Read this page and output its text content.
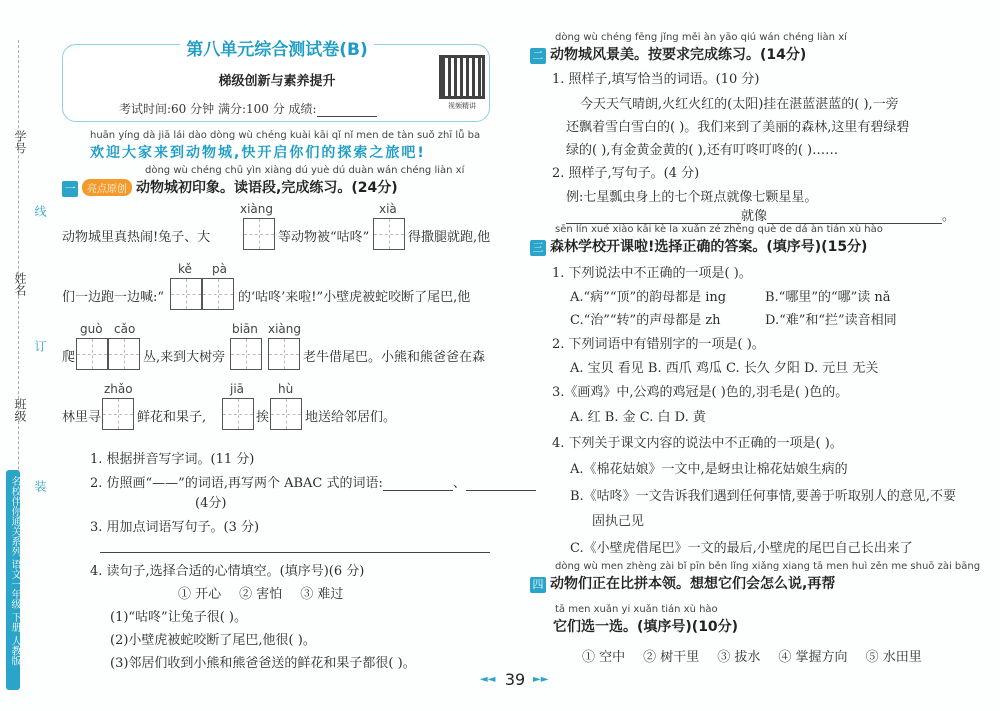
学号
线
姓名
订
班级
装
名校伴你通关系列 语文一年级 下册 人教版
第八单元综合测试卷(B)
梯级创新与素养提升
考试时间:60 分钟 满分:100 分 成绩:	视频精讲
huān yíng dà jiā lái dào dòng wù chéng kuài kāi qǐ nǐ men de tàn suǒ zhī lǚ ba
欢迎大家来到动物城,快开启你们的探索之旅吧!
dòng wù chéng chū yìn xiàng dú yuè dú duàn wán chéng liàn xí
一 亮点原创 动物城初印象。读语段,完成练习。(24分)
xiàng	xià
动物城里真热闹!兔子、大	等动物被“咕咚”	得撒腿就跑,他
kě pà
们一边跑一边喊:“	的‘咕咚’来啦!”小壁虎被蛇咬断了尾巴,他
guò cǎo	biān xiàng
爬	丛,来到大树旁	老牛借尾巴。小熊和熊爸爸在森
zhǎo	jiā	hù
林里寻	鲜花和果子,	挨	地送给邻居们。
1. 根据拼音写字词。(11 分)
2. 仿照画“——”的词语,再写两个 ABAC 式的词语:	、
(4分)
3. 用加点词语写句子。(3 分)
4. 读句子,选择合适的心情填空。(填序号)(6 分)
① 开心 ② 害怕 ③ 难过
(1)“咕咚”让兔子很( )。
(2)小壁虎被蛇咬断了尾巴,他很( )。
(3)邻居们收到小熊和熊爸爸送的鲜花和果子都很( )。
dòng wù chéng fēng jǐng měi àn yāo qiú wán chéng liàn xí
二 动物城风景美。按要求完成练习。(14分)
1. 照样子,填写恰当的词语。(10 分)
今天天气晴朗,火红火红的(太阳)挂在湛蓝湛蓝的( ),一旁
还飘着雪白雪白的( )。我们来到了美丽的森林,这里有碧绿碧
绿的( ),有金黄金黄的( ),还有叮咚叮咚的( )……
2. 照样子,写句子。(4 分)
例:七星瓢虫身上的七个斑点就像七颗星星。
就像	。
sēn lín xué xiào kāi kè la xuǎn zé zhèng què de dá àn tián xù hào
三 森林学校开课啦!选择正确的答案。(填序号)(15分)
1. 下列说法中不正确的一项是( )。
A.“病”“顶”的韵母都是 ing	B.“哪里”的“哪”读 nǎ
C.“治”“转”的声母都是 zh	D.“难”和“拦”读音相同
2. 下列词语中有错别字的一项是( )。
A. 宝贝 看见 B. 西爪 鸡瓜 C. 长久 夕阳 D. 元旦 无关
3.《画鸡》中,公鸡的鸡冠是( )色的,羽毛是( )色的。
A. 红 B. 金 C. 白 D. 黄
4. 下列关于课文内容的说法中不正确的一项是( )。
A.《棉花姑娘》一文中,是蚜虫让棉花姑娘生病的
B.《咕咚》一文告诉我们遇到任何事情,要善于听取别人的意见,不要
固执己见
C.《小壁虎借尾巴》一文的最后,小壁虎的尾巴自己长出来了
dòng wù men zhèng zài bǐ pīn běn lǐng xiǎng xiang tā men huì zěn me shuō zài bāng
四 动物们正在比拼本领。想想它们会怎么说,再帮
tā men xuǎn yi xuǎn tián xù hào
它们选一选。(填序号)(10分)
① 空中 ② 树干里 ③ 拔水 ④ 掌握方向 ⑤ 水田里
◄◄ 39 ►►
